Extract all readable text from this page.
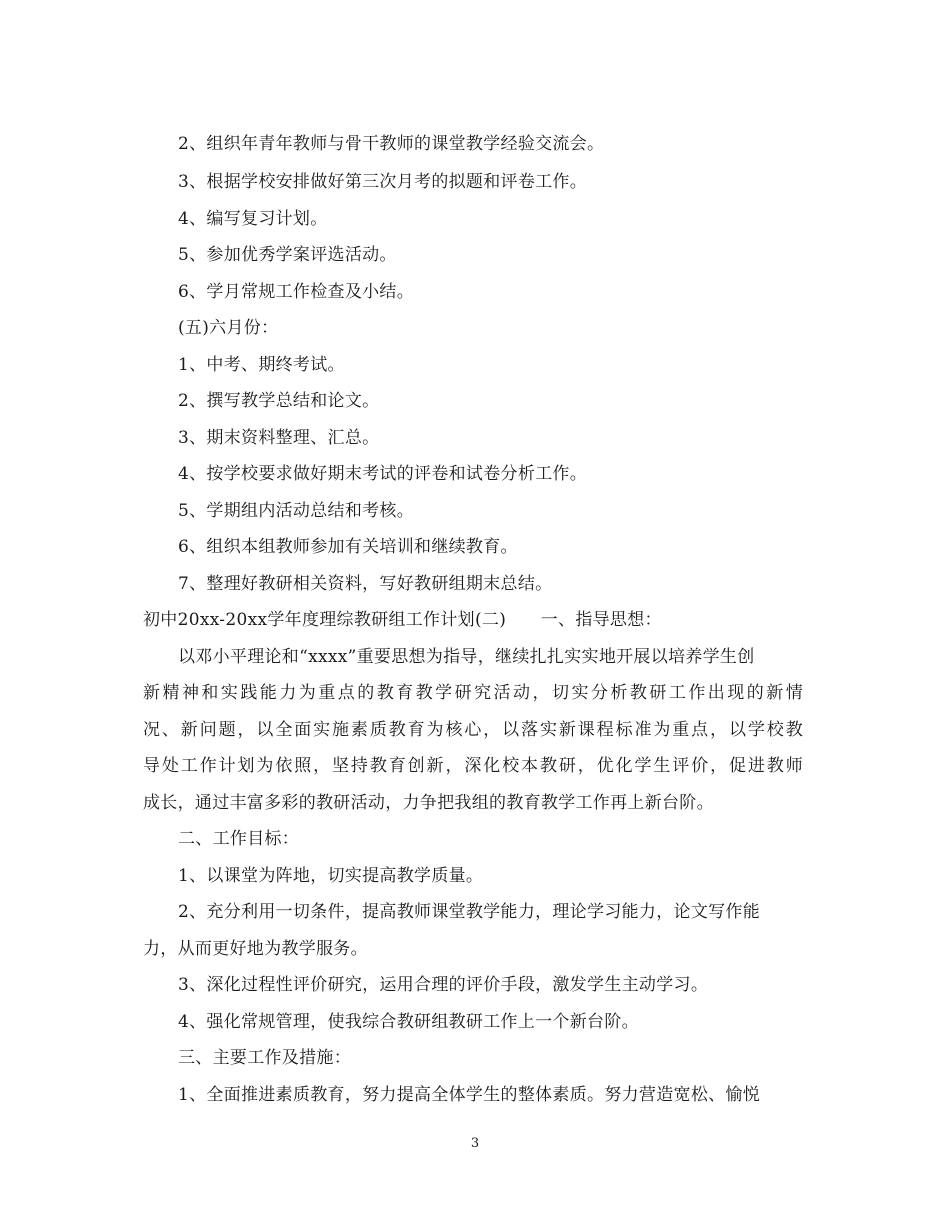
2、组织年青年教师与骨干教师的课堂教学经验交流会。
3、根据学校安排做好第三次月考的拟题和评卷工作。
4、编写复习计划。
5、参加优秀学案评选活动。
6、学月常规工作检查及小结。
(五)六月份：
1、中考、期终考试。
2、撰写教学总结和论文。
3、期末资料整理、汇总。
4、按学校要求做好期末考试的评卷和试卷分析工作。
5、学期组内活动总结和考核。
6、组织本组教师参加有关培训和继续教育。
7、整理好教研相关资料，写好教研组期末总结。
初中20xx-20xx学年度理综教研组工作计划(二)　　一、指导思想：
以邓小平理论和“xxxx”重要思想为指导，继续扎扎实实地开展以培养学生创
新精神和实践能力为重点的教育教学研究活动，切实分析教研工作出现的新情
况、新问题，以全面实施素质教育为核心，以落实新课程标准为重点，以学校教
导处工作计划为依照，坚持教育创新，深化校本教研，优化学生评价，促进教师
成长，通过丰富多彩的教研活动，力争把我组的教育教学工作再上新台阶。
二、工作目标：
1、以课堂为阵地，切实提高教学质量。
2、充分利用一切条件，提高教师课堂教学能力，理论学习能力，论文写作能
力，从而更好地为教学服务。
3、深化过程性评价研究，运用合理的评价手段，激发学生主动学习。
4、强化常规管理，使我综合教研组教研工作上一个新台阶。
三、主要工作及措施：
1、全面推进素质教育，努力提高全体学生的整体素质。努力营造宽松、愉悦
3
